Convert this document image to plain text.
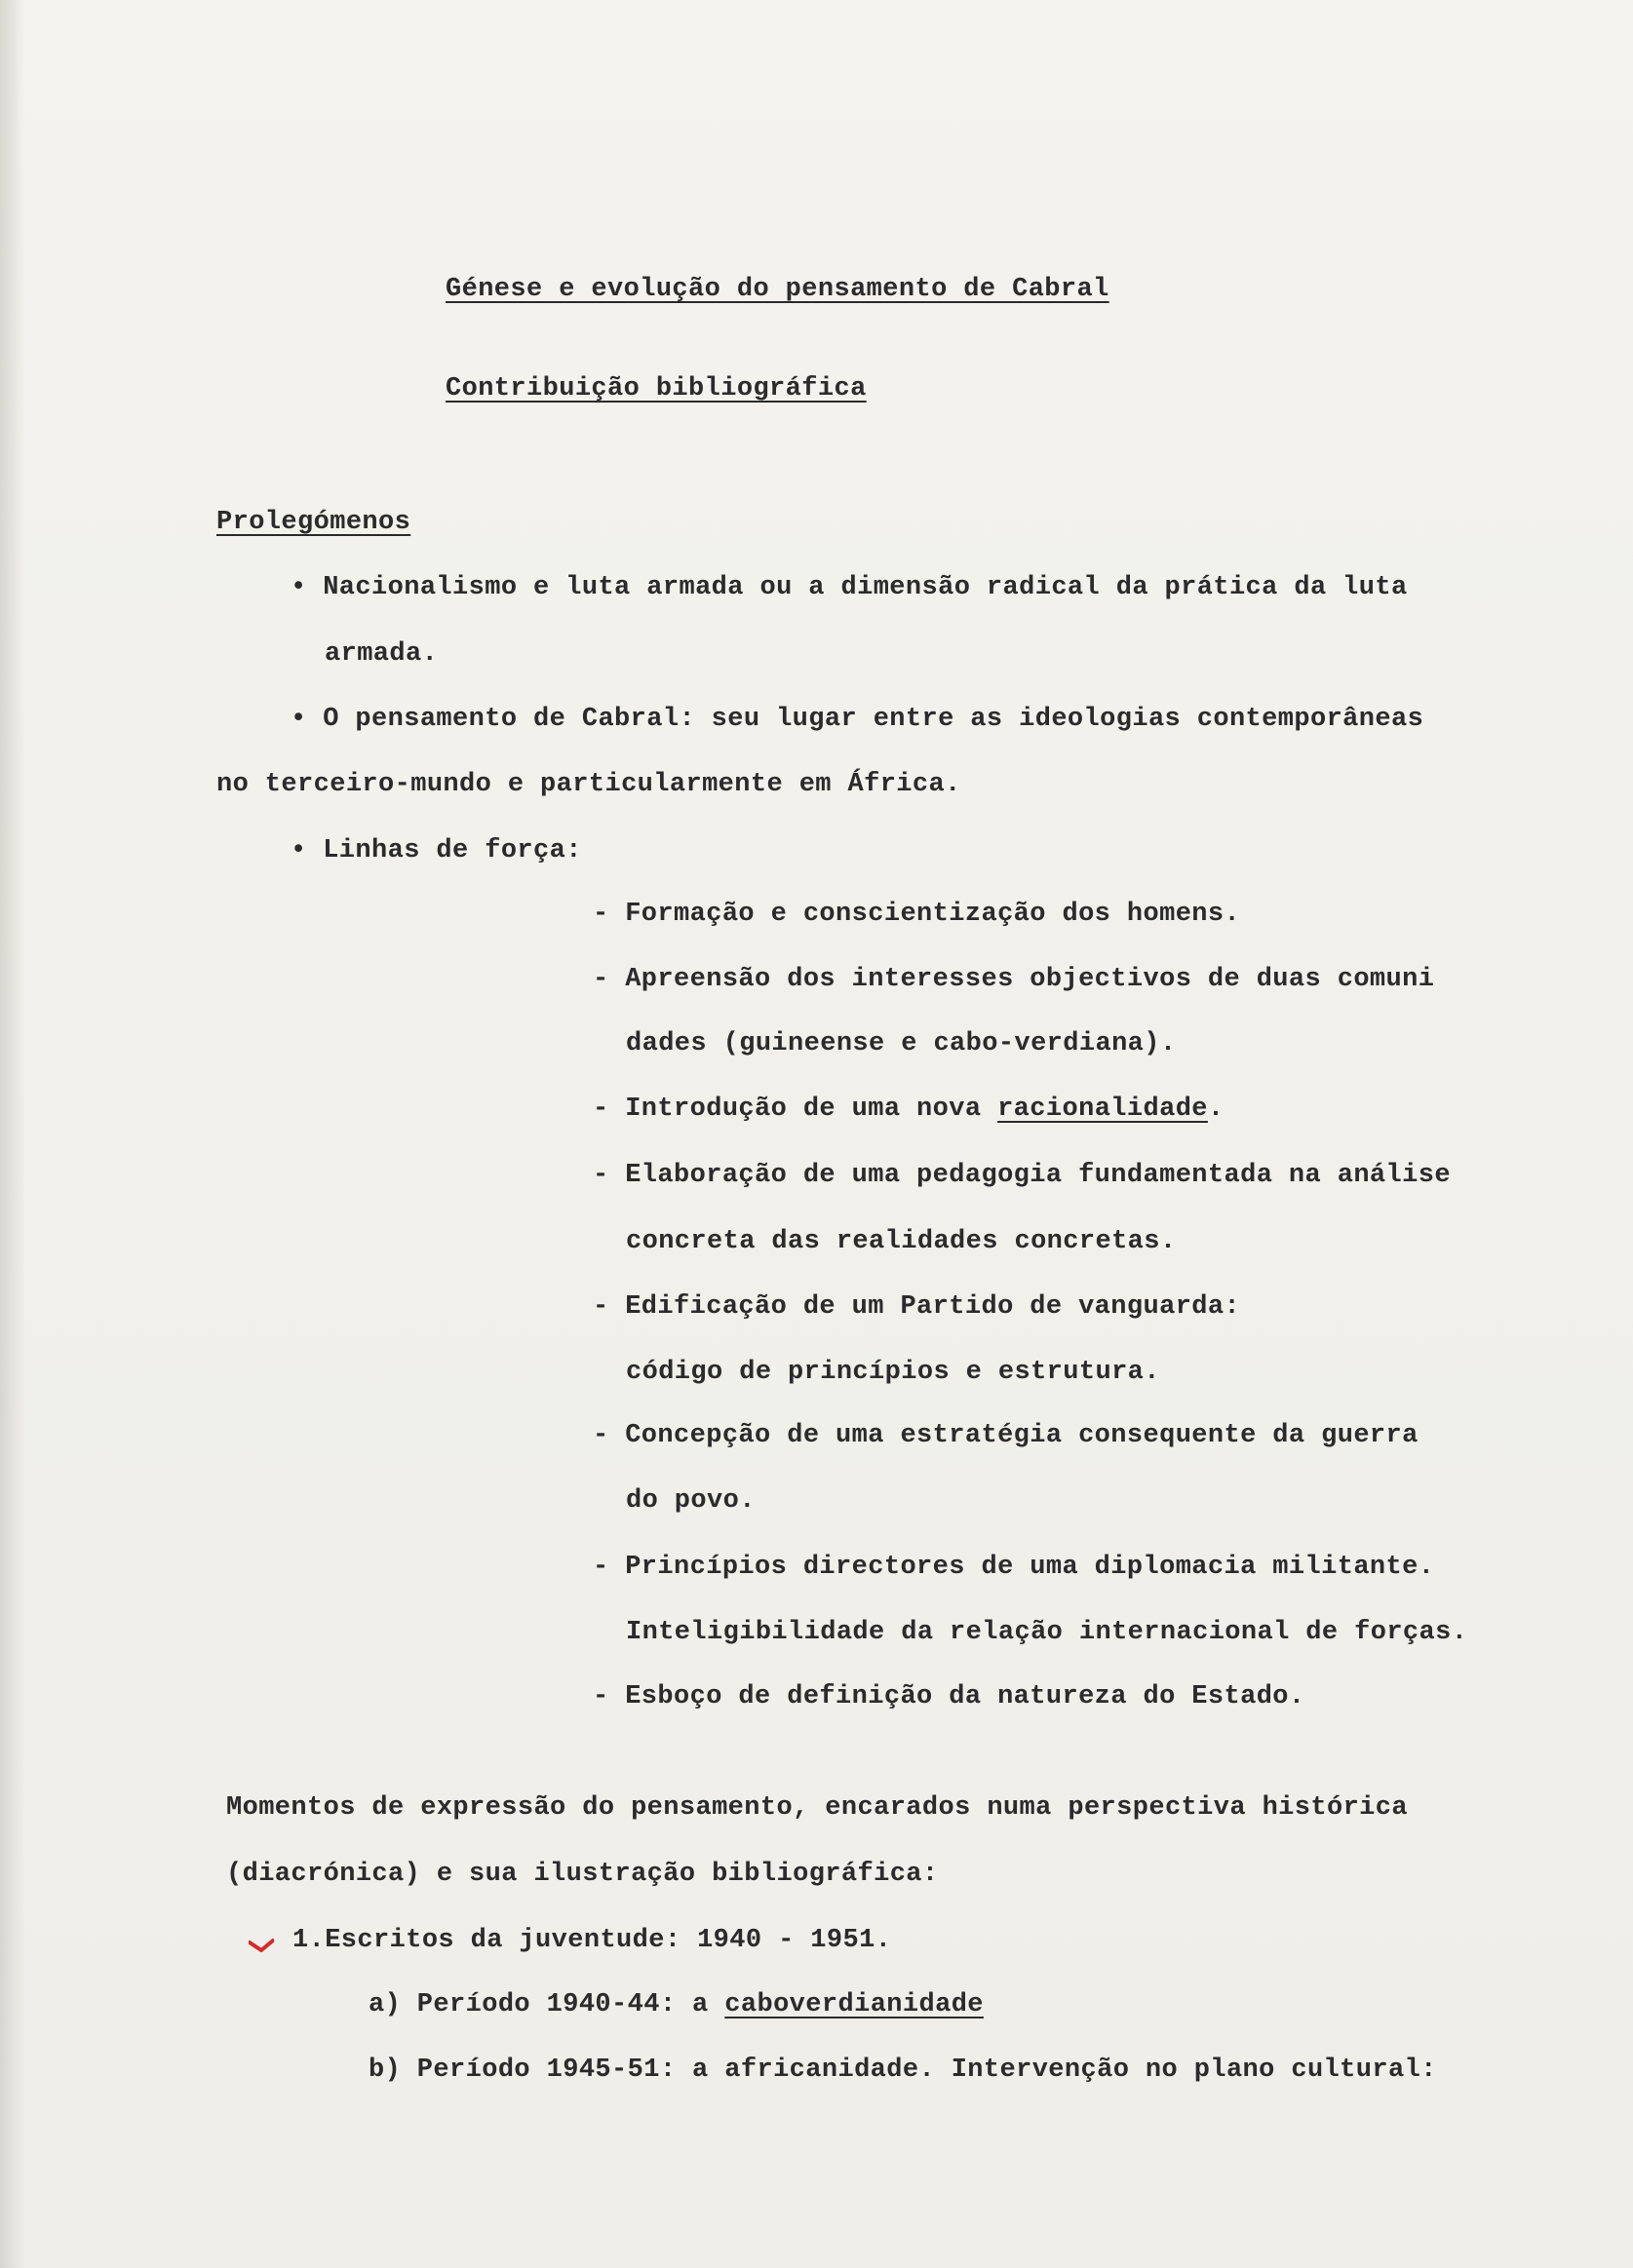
Génese e evolução do pensamento de Cabral
Contribuição bibliográfica
Prolegómenos
• Nacionalismo e luta armada ou a dimensão radical da prática da luta
armada.
• O pensamento de Cabral: seu lugar entre as ideologias contemporâneas
no terceiro-mundo e particularmente em África.
• Linhas de força:
- Formação e conscientização dos homens.
- Apreensão dos interesses objectivos de duas comuni
dades (guineense e cabo-verdiana).
- Introdução de uma nova racionalidade.
- Elaboração de uma pedagogia fundamentada na análise
concreta das realidades concretas.
- Edificação de um Partido de vanguarda:
código de princípios e estrutura.
- Concepção de uma estratégia consequente da guerra
do povo.
- Princípios directores de uma diplomacia militante.
Inteligibilidade da relação internacional de forças.
- Esboço de definição da natureza do Estado.
Momentos de expressão do pensamento, encarados numa perspectiva histórica
(diacrónica) e sua ilustração bibliográfica:
1.Escritos da juventude: 1940 - 1951.
a) Período 1940-44: a caboverdianidade
b) Período 1945-51: a africanidade. Intervenção no plano cultural:
